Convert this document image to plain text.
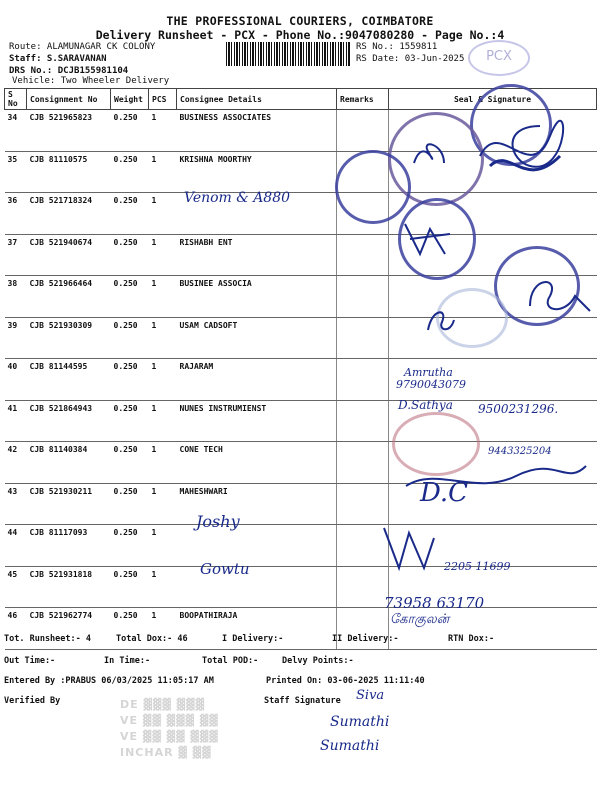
THE PROFESSIONAL COURIERS, COIMBATORE
Delivery Runsheet - PCX - Phone No.:9047080280 - Page No.:4
Route: ALAMUNAGAR CK COLONY
Staff: S.SARAVANAN
DRS No.: DCJB155981104
Vehicle: Two Wheeler Delivery
RS No.: 1559811
RS Date: 03-Jun-2025	PCX
S No	Consignment No	Weight	PCS	Consignee Details	Remarks	Seal & Signature
34	CJB 521965823	0.250	1	BUSINESS ASSOCIATES		
35	CJB 81110575	0.250	1	KRISHNA MOORTHY		
36	CJB 521718324	0.250	1			
37	CJB 521940674	0.250	1	RISHABH ENT		
38	CJB 521966464	0.250	1	BUSINEE ASSOCIA		
39	CJB 521930309	0.250	1	USAM CADSOFT		
40	CJB 81144595	0.250	1	RAJARAM		
41	CJB 521864943	0.250	1	NUNES INSTRUMIENST		
42	CJB 81140384	0.250	1	CONE TECH		
43	CJB 521930211	0.250	1	MAHESHWARI		
44	CJB 81117093	0.250	1			
45	CJB 521931818	0.250	1			
46	CJB 521962774	0.250	1	BOOPATHIRAJA		
Venom & A880
Joshy
Gowtu
Amrutha
9790043079
D.Sathya 9500231296.
9443325204
D.C
2205 11699
73958 63170
கோகுலன்
Tot. Runsheet:- 4	Total Dox:- 46	I Delivery:-	II Delivery:-	RTN Dox:-
Out Time:-	In Time:-	Total POD:-	Delvy Points:-
Entered By :PRABUS 06/03/2025 11:05:17 AM	Printed On: 03-06-2025 11:11:40
Verified By	Staff Signature
DE ▓▓▓ ▓▓▓
VE ▓▓ ▓▓▓ ▓▓
VE ▓▓ ▓▓ ▓▓▓
INCHAR ▓ ▓▓
Siva
Sumathi
Sumathi
